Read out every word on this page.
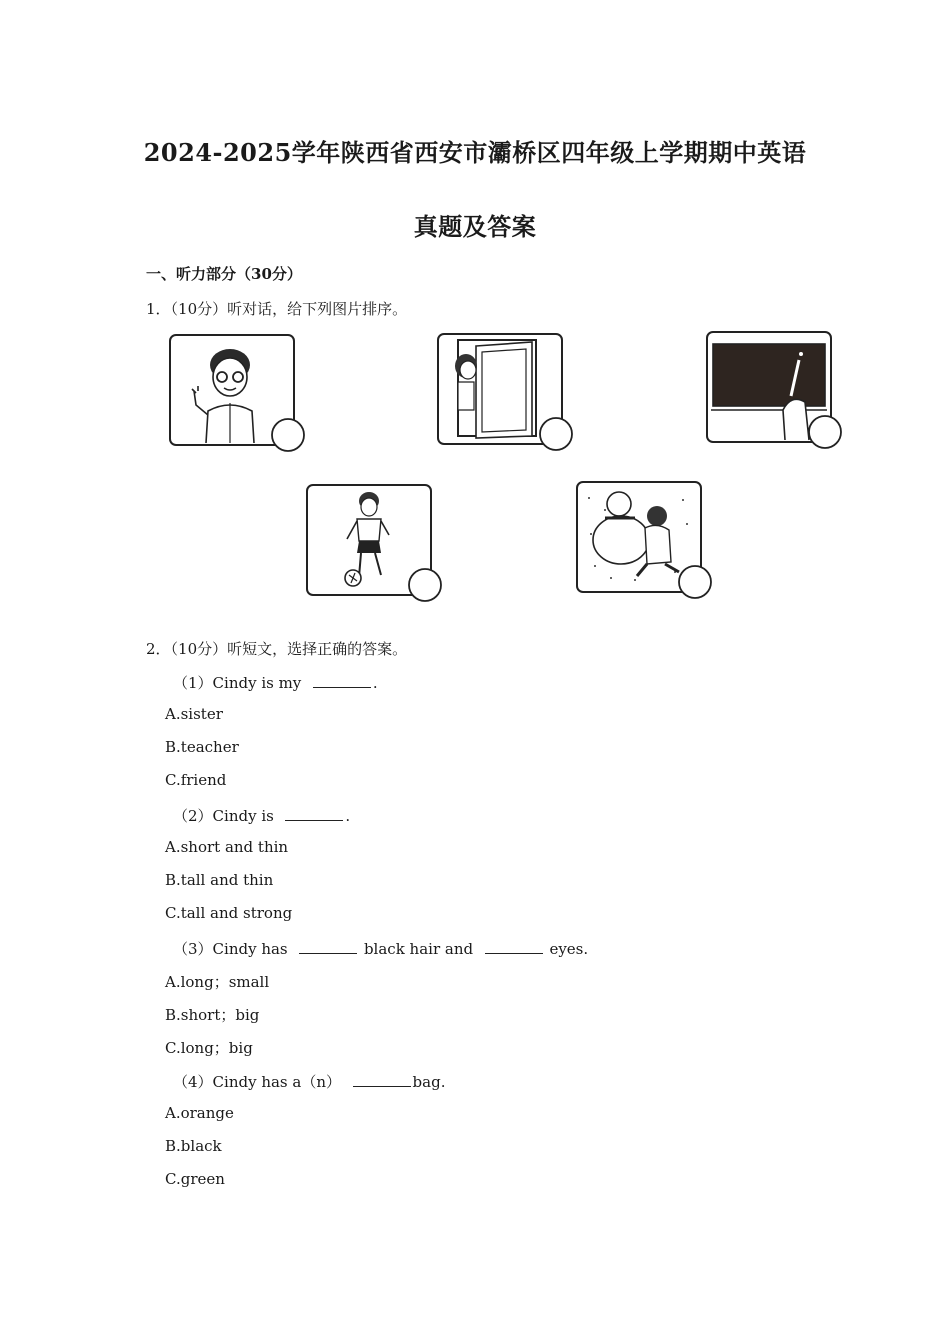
2024-2025学年陕西省西安市灞桥区四年级上学期期中英语
真题及答案
一、听力部分（30分）
1．（10分）听对话，给下列图片排序。
2．（10分）听短文，选择正确的答案。
（1）Cindy is my	.
A.sister
B.teacher
C.friend
（2）Cindy is	.
A.short and thin
B.tall and thin
C.tall and strong
（3）Cindy has	black hair and	eyes.
A.long；small
B.short；big
C.long；big
（4）Cindy has a（n）	bag.
A.orange
B.black
C.green
